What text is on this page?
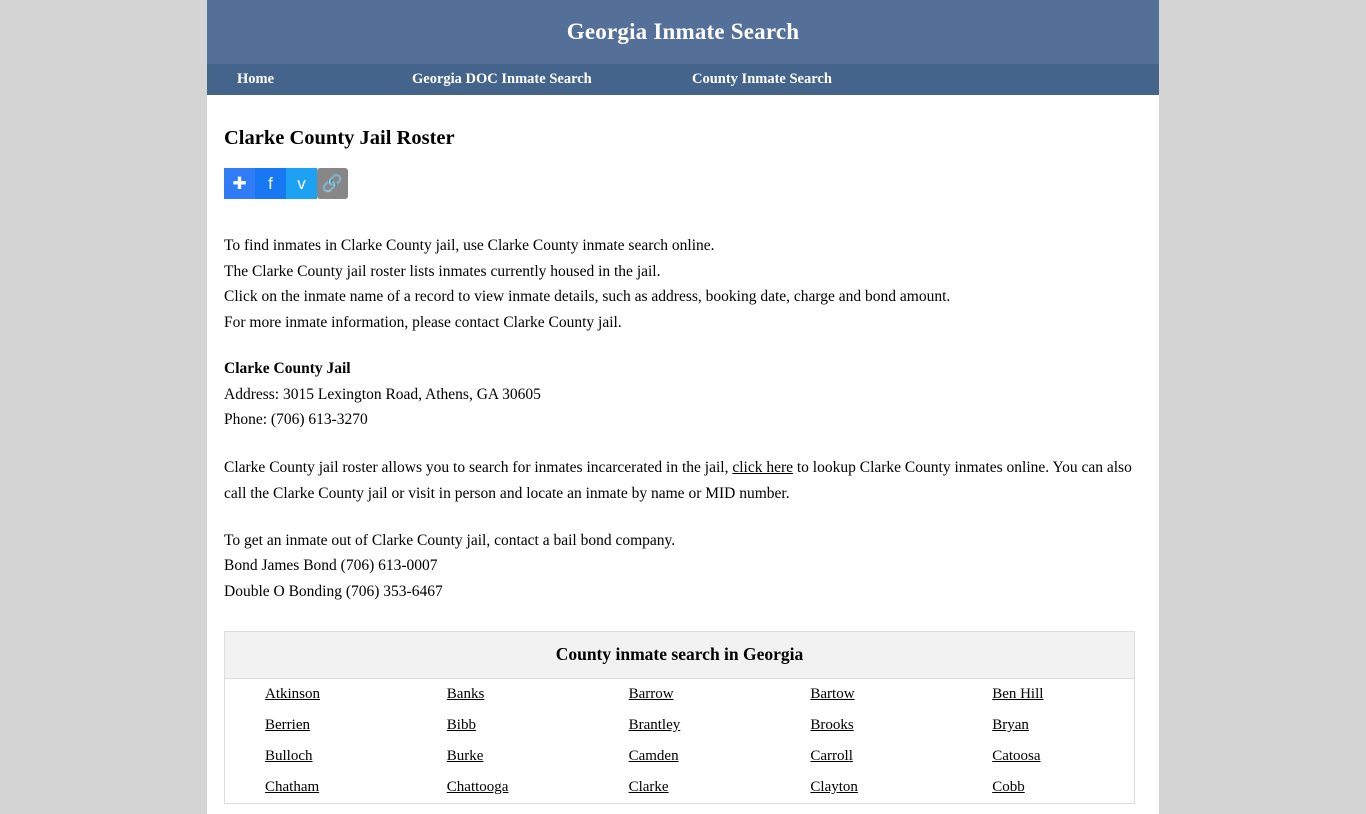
Georgia Inmate Search
Home	Georgia DOC Inmate Search	County Inmate Search
Clarke County Jail Roster
✚	f	ᴠ 🔗

To find inmates in Clarke County jail, use Clarke County inmate search online.

The Clarke County jail roster lists inmates currently housed in the jail.

Click on the inmate name of a record to view inmate details, such as address, booking date, charge and bond amount.

For more inmate information, please contact Clarke County jail.

Clarke County Jail

Address: 3015 Lexington Road, Athens, GA 30605

Phone: (706) 613-3270

Clarke County jail roster allows you to search for inmates incarcerated in the jail, click here to lookup Clarke County inmates online. You can also call the Clarke County jail or visit in person and locate an inmate by name or MID number.

To get an inmate out of Clarke County jail, contact a bail bond company.

Bond James Bond (706) 613-0007

Double O Bonding (706) 353-6467

County inmate search in Georgia
Atkinson	Banks	Barrow	Bartow	Ben Hill
Berrien	Bibb	Brantley	Brooks	Bryan
Bulloch	Burke	Camden	Carroll	Catoosa
Chatham	Chattooga	Clarke	Clayton	Cobb
